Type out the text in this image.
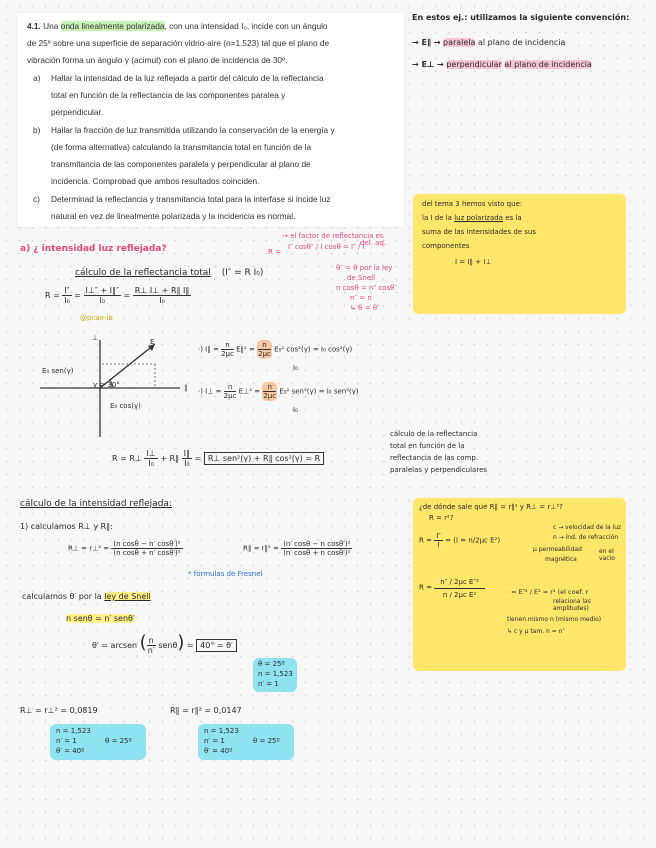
4.1. Una onda linealmente polarizada, con una intensidad I₀, incide con un ángulo
de 25º sobre una superficie de separación vidrio-aire (n=1.523) tal que el plano de
vibración forma un ángulo γ (acimut) con el plano de incidencia de 30º.
a) Hallar la intensidad de la luz reflejada a partir del cálculo de la reflectancia
total en función de la reflectancia de las componentes paralea y
perpendicular.
b) Hallar la fracción de luz transmitida utilizando la conservación de la energía y
(de forma alternativa) calculando la transmitancia total en función de la
transmitancia de las componentes paralela y perpendicular al plano de
incidencia. Comprobad que ambos resultados coinciden.
c) Determinad la reflectancia y transmitancia total para la interfase si incide luz
natural en vez de linealmente polarizada y la incidencia es normal.
En estos ej.: utilizamos la siguiente convención:
→ E∥ → paralela al plano de incidencia
→ E⊥ → perpendicular al plano de incidencia
del tema 3 hemos visto que:
la I de la luz polarizada es la
suma de las intensidades de sus
componentes
I = I∥ + I⊥
a) ¿ intensidad luz reflejada?
→ el factor de reflectancia es
R =
I″ cosθ″ / I cosθ = I″ / I
del. aq.
θ″ = θ por la ley
de Snell
n cosθ = n″ cosθ″
n″ = n
↳ θ = θ″
cálculo de la reflectancia total (I″ = R I₀)
$R = \frac{I''}{\text{I₀}} = \frac{I\perp'' + I\parallel''}{\text{I₀}} = \frac{R\perp I\perp + R\parallel I\parallel}{\text{I₀}}$
@pcae-ib
E
γ = 30°
E₀ sen(γ)
E₀ cos(γ)
⊥
∥
·) I∥ = $\frac{n}{2\mu c}$ E∥² = $\frac{n}{2\mu c} E_0^2$ cos²(γ) = I₀ cos²(γ)
I₀
·) I⊥ = $\frac{n}{2\mu c}$ E⊥² = $\frac{n}{2\mu c} E_0^2$ sen²(γ) = I₀ sen²(γ)
I₀
R = R⊥ $\frac{I\perp}{\text{I₀}}$ + R∥ $\frac{I\parallel}{\text{I₀}}$ = R⊥ sen²(γ) + R∥ cos²(γ) = R
cálculo de la reflectancia
total en función de la
reflectancia de las comp.
paralelas y perpendiculares
cálculo de la intensidad reflejada:
1) calculamos R⊥ y R∥:
R⊥ = r⊥² = $\frac{\text{(n cosθ − n′ cosθ′)²}}{\text{(n cosθ + n′ cosθ′)²}}$	R∥ = r∥² = $\frac{\text{(n′ cosθ − n cosθ′)²}}{\text{(n′ cosθ + n cosθ′)²}}$
* fórmulas de Fresnel
calculamos θ′ por la ley de Snell
n senθ = n′ senθ′
θ′ = arcsen ( $\frac{n}{n'} sen\theta) = 40^\circ = \theta'$
θ = 25º
n = 1,523
n′ = 1
R⊥ = r⊥² = 0,0819	R∥ = r∥² = 0,0147
n = 1,523
n′ = 1
θ′ = 40º
θ = 25º
n = 1,523
n′ = 1
θ′ = 40º
θ = 25º
¿de dónde sale que R∥ = r∥² y R⊥ = r⊥²?
R = r²?
$R = \frac{I''}{I} = (I = n/2\mu c$ E²)
c → velocidad de la luz
n → índ. de refracción
μ permeabilidad
magnética
en el vacío
$R = \frac{\text{n″ / 2μc E″²}}{\text{n / 2μc E²}}$	= E″² / E² = r² (el coef. r
relaciona las amplitudes)
tienen mismo n (mismo medio)
↳ c y μ tam. n = n″
